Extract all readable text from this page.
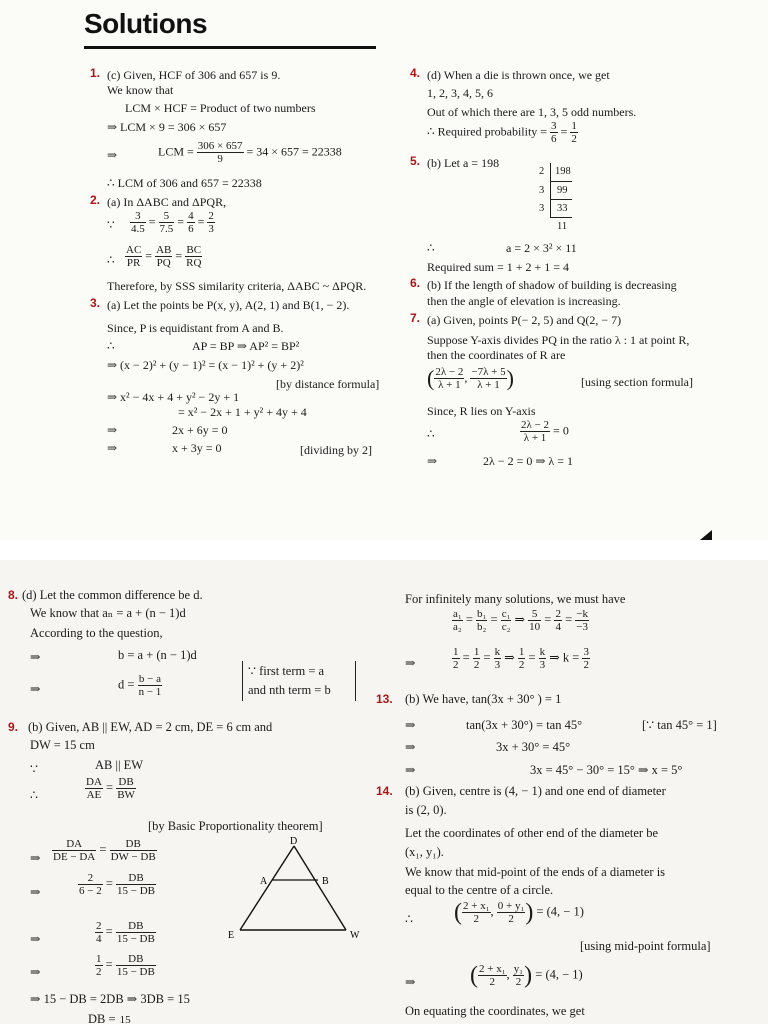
Solutions
1. (c) Given, HCF of 306 and 657 is 9.
We know that
LCM × HCF = Product of two numbers
⇒ LCM × 9 = 306 × 657
⇒	LCM = $\frac{306 \times 657}{9} = 34 \times 657 = 22338$
∴ LCM of 306 and 657 = 22338
2. (a) In ΔABC and ΔPQR,
∵ $\frac{3}{4.5} = \frac{5}{7.5} = \frac{4}{6} = \frac{2}{3}$
∴ $\frac{AC}{PR} = \frac{AB}{PQ} = \frac{BC}{RQ}$
Therefore, by SSS similarity criteria, ΔABC ~ ΔPQR.
3. (a) Let the points be P(x, y), A(2, 1) and B(1, − 2).
Since, P is equidistant from A and B.
∴	AP = BP ⇒ AP² = BP²
⇒ (x − 2)² + (y − 1)² = (x − 1)² + (y + 2)²
[by distance formula]
⇒ x² − 4x + 4 + y² − 2y + 1
= x² − 2x + 1 + y² + 4y + 4
⇒	2x + 6y = 0
⇒	x + 3y = 0	[dividing by 2]
4. (d) When a die is thrown once, we get
1, 2, 3, 4, 5, 6
Out of which there are 1, 3, 5 odd numbers.
∴ Required probability = $\frac{3}{6} = \frac{1}{2}$
5. (b) Let a = 198
2 198
3 99
3 33
11
∴	a = 2 × 3² × 11
Required sum = 1 + 2 + 1 = 4
6. (b) If the length of shadow of building is decreasing
then the angle of elevation is increasing.
7. (a) Given, points P(− 2, 5) and Q(2, − 7)
Suppose Y-axis divides PQ in the ratio λ : 1 at point R,
then the coordinates of R are
( $\frac{2\lambda - 2}{\lambda + 1}$ , $\frac{-7\lambda + 5}{\lambda + 1}$ )	[using section formula]
Since, R lies on Y-axis
∴	$\frac{2\lambda - 2}{\lambda + 1} = 0$
⇒	2λ − 2 = 0 ⇒ λ = 1
8. (d) Let the common difference be d.
We know that aₙ = a + (n − 1)d
According to the question,
⇒	b = a + (n − 1)d
⇒	$d = \frac{b - a}{n - 1}$
∵ first term = a
and nth term = b
9. (b) Given, AB || EW, AD = 2 cm, DE = 6 cm and
DW = 15 cm
∵	AB || EW
∴	$\frac{DA}{AE} = \frac{DB}{BW}$
[by Basic Proportionality theorem]
⇒ $\frac{DA}{DE - DA} = \frac{DB}{DW - DB}$
⇒	$\frac{2}{6 - 2} = \frac{DB}{15 - DB}$
⇒	$\frac{2}{4} = \frac{DB}{15 - DB}$
⇒	$\frac{1}{2} = \frac{DB}{15 - DB}$
⇒ 15 − DB = 2DB ⇒ 3DB = 15
DB = 15
D
A	B
E	W
For infinitely many solutions, we must have
$\frac{\text{a₁}}{\text{a₂}} = \frac{\text{b₁}}{\text{b₂}} = \frac{\text{c₁}}{\text{c₂}}$ ⇒ $\frac{5}{10} = \frac{2}{4} = \frac{-k}{-3}$
⇒	$\frac{1}{2} = \frac{1}{2} = \frac{k}{3}$ ⇒ $\frac{1}{2} = \frac{k}{3}$ ⇒ $k = \frac{3}{2}$
13. (b) We have, tan(3x + 30° ) = 1
⇒	tan(3x + 30°) = tan 45°	[∵ tan 45° = 1]
⇒	3x + 30° = 45°
⇒	3x = 45° − 30° = 15° ⇒ x = 5°
14. (b) Given, centre is (4, − 1) and one end of diameter
is (2, 0).
Let the coordinates of other end of the diameter be
(x₁, y₁).
We know that mid-point of the ends of a diameter is
equal to the centre of a circle.
∴ ( $\frac{\text{2 + x₁}}{2}$ , $\frac{\text{0 + y₁}}{2}$ ) = (4, − 1)
[using mid-point formula]
⇒ ( $\frac{\text{2 + x₁}}{2}$ , $\frac{\text{y₁}}{2}$ ) = (4, − 1)
On equating the coordinates, we get
